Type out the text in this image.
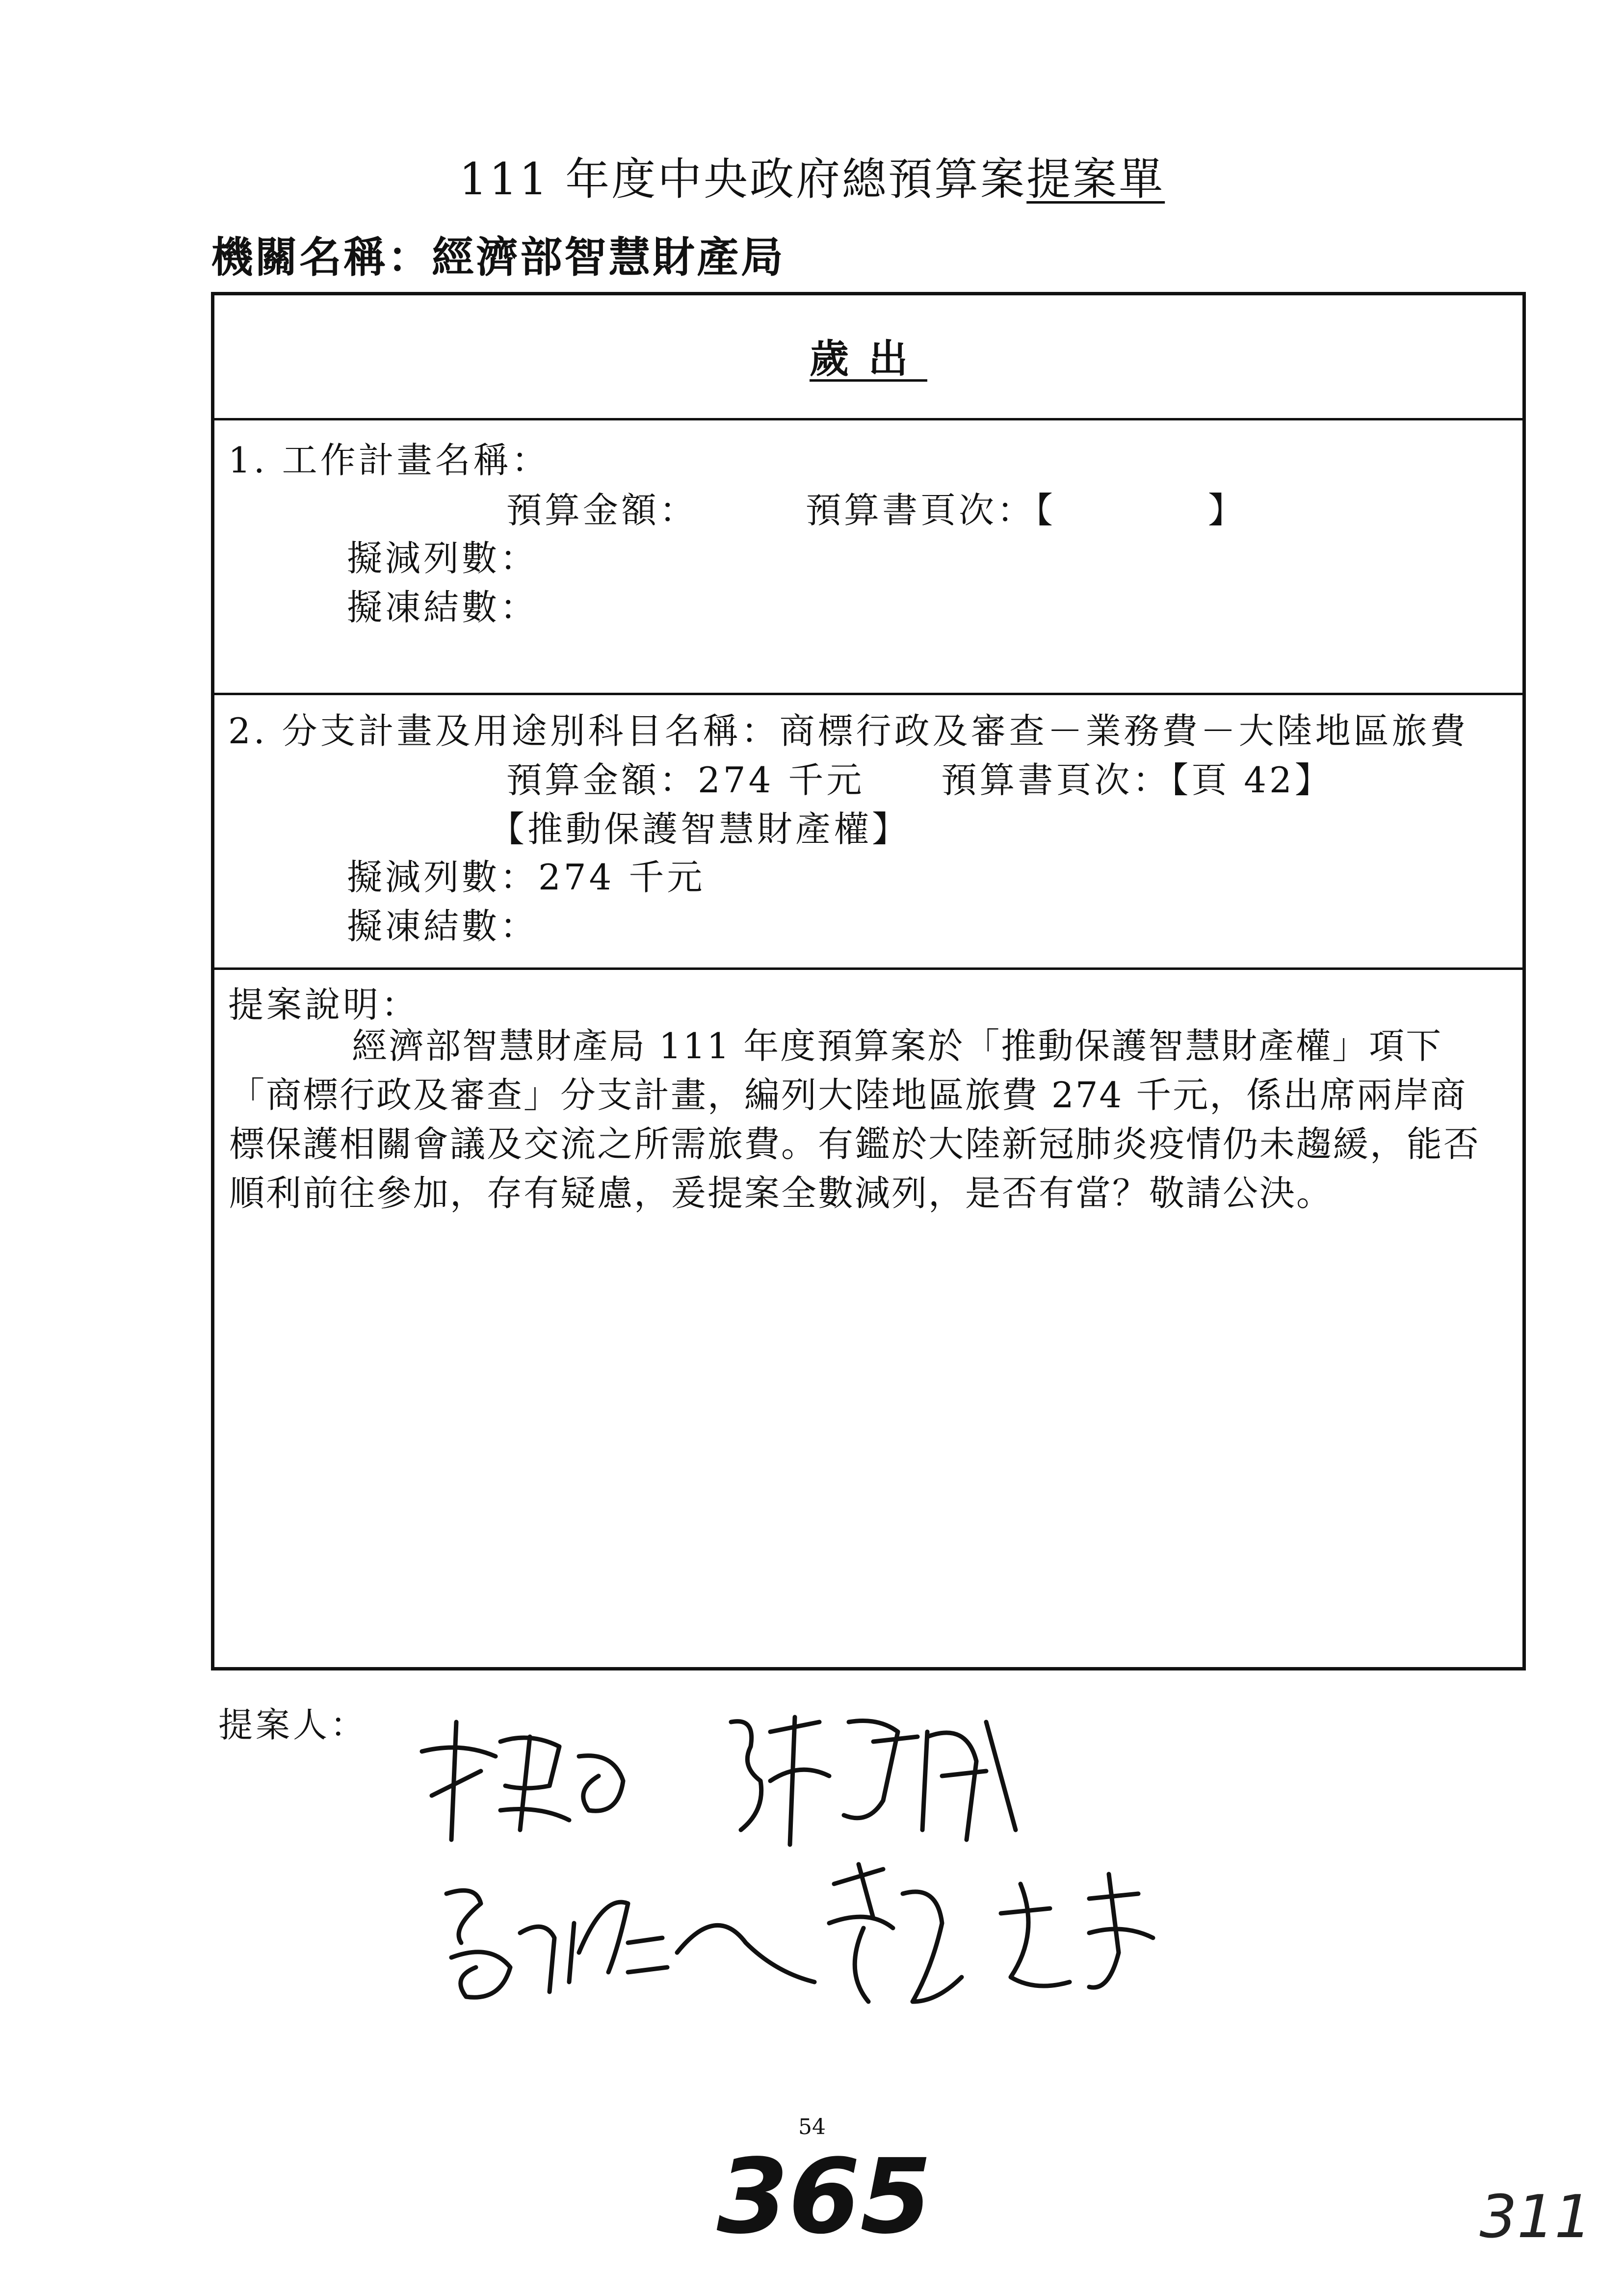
111 年度中央政府總預算案提案單
機關名稱：經濟部智慧財產局
歲出
1. 工作計畫名稱：
預算金額：	預算書頁次：【	】
擬減列數：
擬凍結數：
2. 分支計畫及用途別科目名稱：商標行政及審查－業務費－大陸地區旅費
預算金額：274 千元　　預算書頁次：【頁 42】
【推動保護智慧財產權】
擬減列數：274 千元
擬凍結數：
提案說明：
經濟部智慧財產局 111 年度預算案於「推動保護智慧財產權」項下「商標行政及審查」分支計畫，編列大陸地區旅費 274 千元，係出席兩岸商標保護相關會議及交流之所需旅費。有鑑於大陸新冠肺炎疫情仍未趨緩，能否順利前往參加，存有疑慮，爰提案全數減列，是否有當？敬請公決。
提案人：
54
365	311
